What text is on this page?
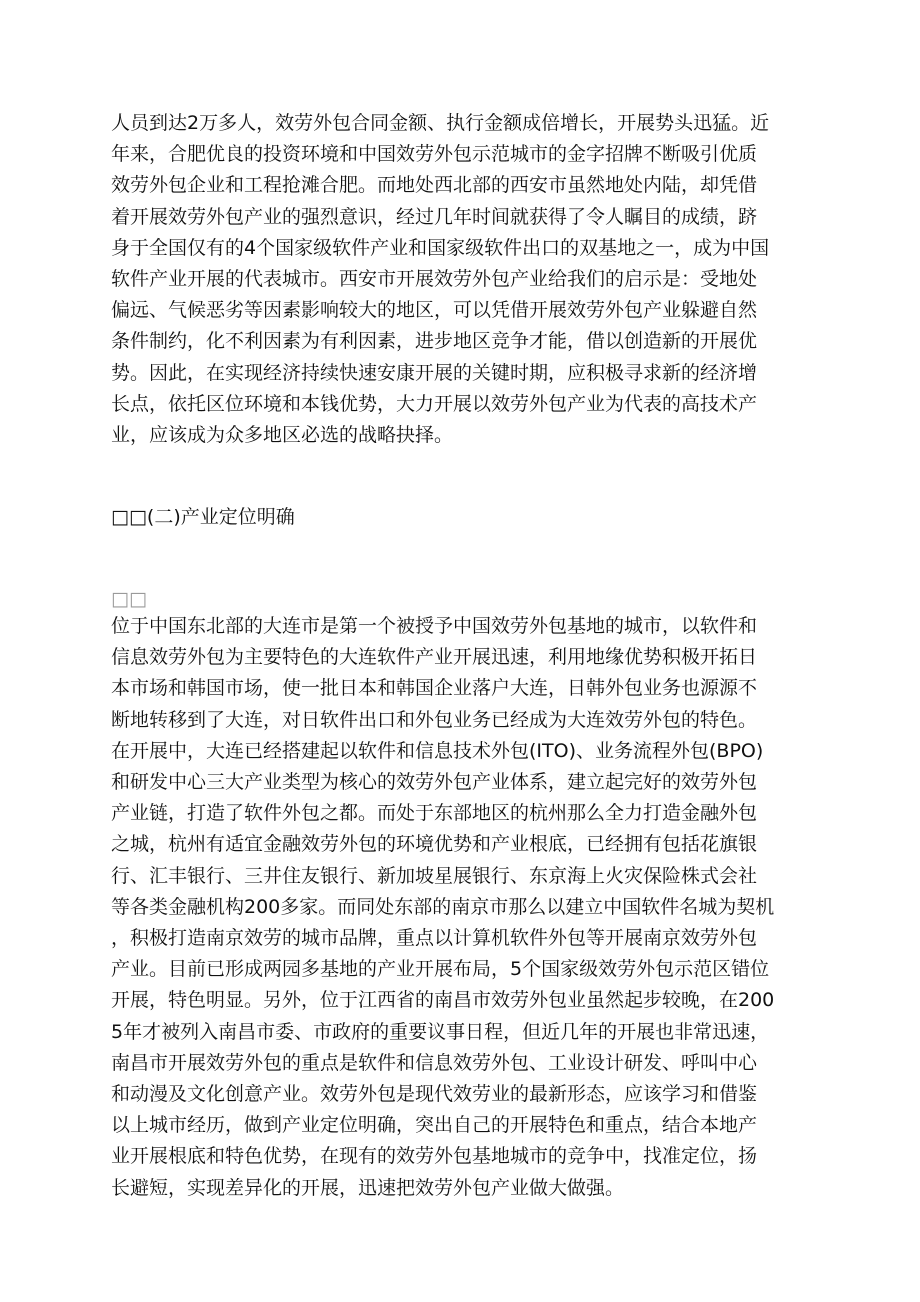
人员到达2万多人，效劳外包合同金额、执行金额成倍增长，开展势头迅猛。近
年来，合肥优良的投资环境和中国效劳外包示范城市的金字招牌不断吸引优质
效劳外包企业和工程抢滩合肥。而地处西北部的西安市虽然地处内陆，却凭借
着开展效劳外包产业的强烈意识，经过几年时间就获得了令人瞩目的成绩，跻
身于全国仅有的4个国家级软件产业和国家级软件出口的双基地之一，成为中国
软件产业开展的代表城市。西安市开展效劳外包产业给我们的启示是：受地处
偏远、气候恶劣等因素影响较大的地区，可以凭借开展效劳外包产业躲避自然
条件制约，化不利因素为有利因素，进步地区竞争才能，借以创造新的开展优
势。因此，在实现经济持续快速安康开展的关键时期，应积极寻求新的经济增
长点，依托区位环境和本钱优势，大力开展以效劳外包产业为代表的高技术产
业，应该成为众多地区必选的战略抉择。
□□(二)产业定位明确
□□
位于中国东北部的大连市是第一个被授予中国效劳外包基地的城市，以软件和
信息效劳外包为主要特色的大连软件产业开展迅速，利用地缘优势积极开拓日
本市场和韩国市场，使一批日本和韩国企业落户大连，日韩外包业务也源源不
断地转移到了大连，对日软件出口和外包业务已经成为大连效劳外包的特色。
在开展中，大连已经搭建起以软件和信息技术外包(ITO)、业务流程外包(BPO)
和研发中心三大产业类型为核心的效劳外包产业体系，建立起完好的效劳外包
产业链，打造了软件外包之都。而处于东部地区的杭州那么全力打造金融外包
之城，杭州有适宜金融效劳外包的环境优势和产业根底，已经拥有包括花旗银
行、汇丰银行、三井住友银行、新加坡星展银行、东京海上火灾保险株式会社
等各类金融机构200多家。而同处东部的南京市那么以建立中国软件名城为契机
，积极打造南京效劳的城市品牌，重点以计算机软件外包等开展南京效劳外包
产业。目前已形成两园多基地的产业开展布局，5个国家级效劳外包示范区错位
开展，特色明显。另外，位于江西省的南昌市效劳外包业虽然起步较晚，在200
5年才被列入南昌市委、市政府的重要议事日程，但近几年的开展也非常迅速，
南昌市开展效劳外包的重点是软件和信息效劳外包、工业设计研发、呼叫中心
和动漫及文化创意产业。效劳外包是现代效劳业的最新形态，应该学习和借鉴
以上城市经历，做到产业定位明确，突出自己的开展特色和重点，结合本地产
业开展根底和特色优势，在现有的效劳外包基地城市的竞争中，找准定位，扬
长避短，实现差异化的开展，迅速把效劳外包产业做大做强。
